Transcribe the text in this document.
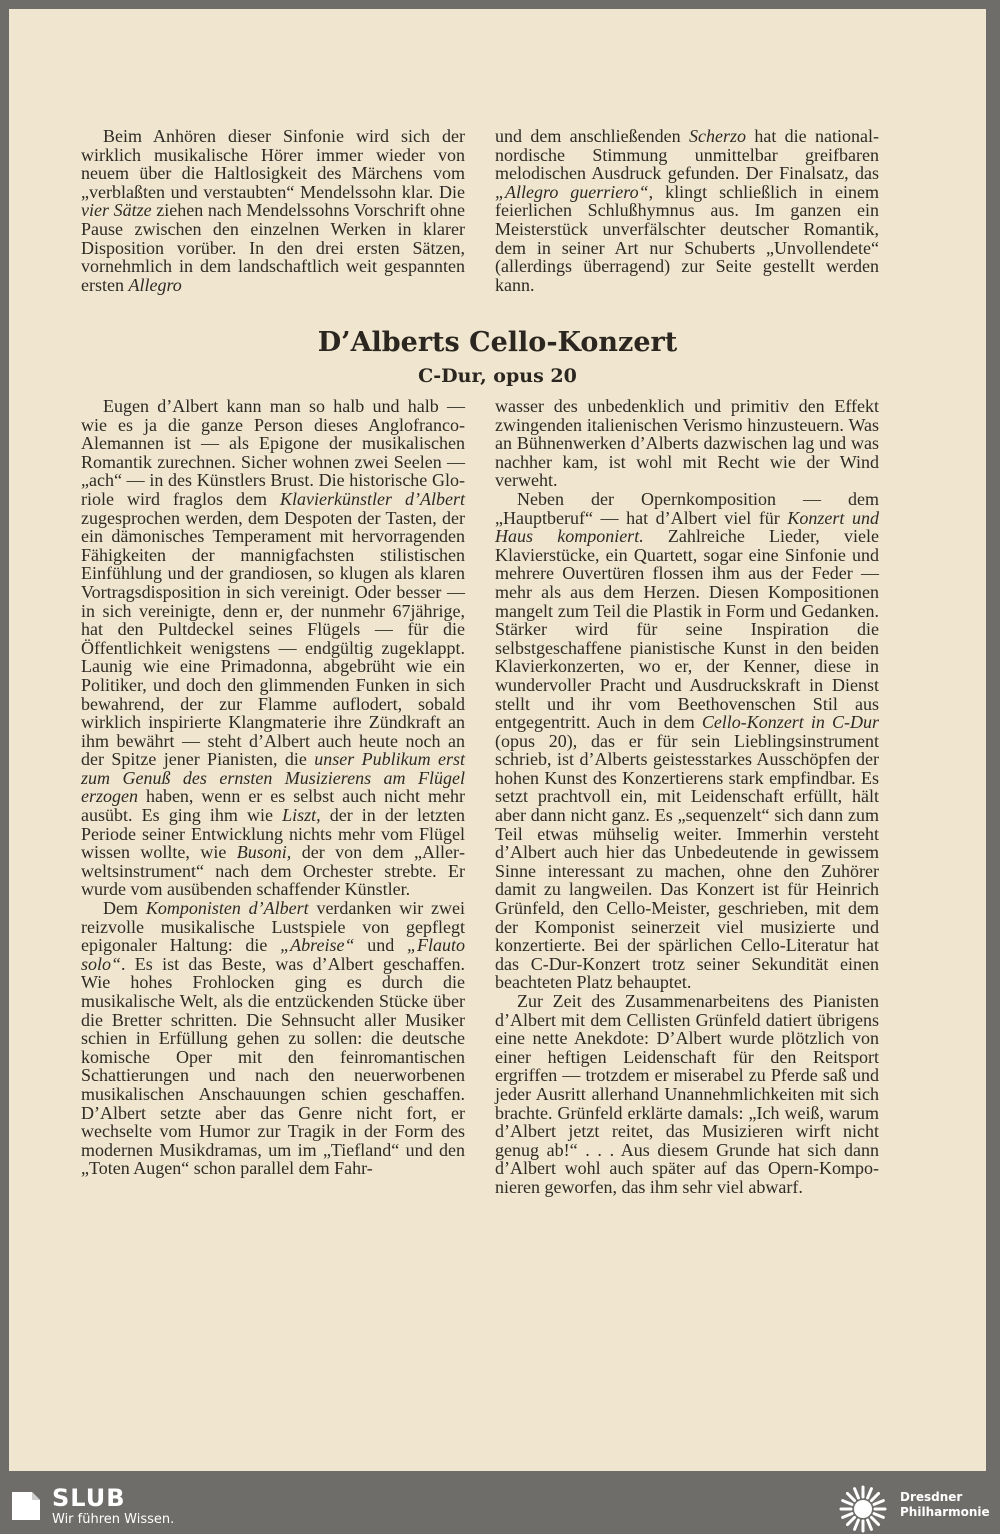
Beim Anhören dieser Sinfonie wird sich der wirklich musikalische Hörer immer wieder von neuem über die Haltlosigkeit des Märchens vom „verblaßten und verstaubten“ Mendelssohn klar. Die vier Sätze ziehen nach Mendelssohns Vorschrift ohne Pause zwischen den einzelnen Werken in klarer Disposition vorüber. In den drei ersten Sätzen, vornehmlich in dem landschaftlich weit gespannten ersten Allegro

und dem anschließenden Scherzo hat die national-nordische Stimmung unmittelbar greifbaren melodischen Ausdruck gefunden. Der Finalsatz, das „Allegro guerriero“, klingt schließlich in einem feierlichen Schlußhymnus aus. Im ganzen ein Meisterstück unverfälschter deutscher Romantik, dem in seiner Art nur Schuberts „Unvollendete“ (allerdings überragend) zur Seite gestellt werden kann.

D’Alberts Cello-Konzert
C-Dur, opus 20

Eugen d’Albert kann man so halb und halb — wie es ja die ganze Person dieses Anglofranco-Alemannen ist — als Epigone der musikalischen Romantik zurechnen. Sicher wohnen zwei Seelen — „ach“ — in des Künstlers Brust. Die historische Gloriole wird fraglos dem Klavierkünstler d’Albert zugesprochen werden, dem Despoten der Tasten, der ein dämonisches Temperament mit hervorragenden Fähigkeiten der mannigfachsten stilistischen Einfühlung und der grandiosen, so klugen als klaren Vortragsdisposition in sich vereinigt. Oder besser — in sich vereinigte, denn er, der nunmehr 67jährige, hat den Pultdeckel seines Flügels — für die Öffentlichkeit wenigstens — endgültig zugeklappt. Launig wie eine Primadonna, abgebrüht wie ein Politiker, und doch den glimmenden Funken in sich bewahrend, der zur Flamme auflodert, sobald wirklich inspirierte Klangmaterie ihre Zündkraft an ihm bewährt — steht d’Albert auch heute noch an der Spitze jener Pianisten, die unser Publikum erst zum Genuß des ernsten Musizierens am Flügel erzogen haben, wenn er es selbst auch nicht mehr ausübt. Es ging ihm wie Liszt, der in der letzten Periode seiner Entwicklung nichts mehr vom Flügel wissen wollte, wie Busoni, der von dem „Allerweltsinstrument“ nach dem Orchester strebte. Er wurde vom ausübenden schaffender Künstler.

Dem Komponisten d’Albert verdanken wir zwei reizvolle musikalische Lustspiele von gepflegt epigonaler Haltung: die „Abreise“ und „Flauto solo“. Es ist das Beste, was d’Albert geschaffen. Wie hohes Frohlocken ging es durch die musikalische Welt, als die entzückenden Stücke über die Bretter schritten. Die Sehnsucht aller Musiker schien in Erfüllung gehen zu sollen: die deutsche komische Oper mit den feinromantischen Schattierungen und nach den neuerworbenen musikalischen Anschauungen schien geschaffen. D’Albert setzte aber das Genre nicht fort, er wechselte vom Humor zur Tragik in der Form des modernen Musikdramas, um im „Tiefland“ und den „Toten Augen“ schon parallel dem Fahr-

wasser des unbedenklich und primitiv den Effekt zwingenden italienischen Verismo hinzusteuern. Was an Bühnenwerken d’Alberts dazwischen lag und was nachher kam, ist wohl mit Recht wie der Wind verweht.

Neben der Opernkomposition — dem „Hauptberuf“ — hat d’Albert viel für Konzert und Haus komponiert. Zahlreiche Lieder, viele Klavierstücke, ein Quartett, sogar eine Sinfonie und mehrere Ouvertüren flossen ihm aus der Feder — mehr als aus dem Herzen. Diesen Kompositionen mangelt zum Teil die Plastik in Form und Gedanken. Stärker wird für seine Inspiration die selbstgeschaffene pianistische Kunst in den beiden Klavierkonzerten, wo er, der Kenner, diese in wundervoller Pracht und Ausdruckskraft in Dienst stellt und ihr vom Beethovenschen Stil aus entgegentritt. Auch in dem Cello-Konzert in C-Dur (opus 20), das er für sein Lieblingsinstrument schrieb, ist d’Alberts geistesstarkes Ausschöpfen der hohen Kunst des Konzertierens stark empfindbar. Es setzt prachtvoll ein, mit Leidenschaft erfüllt, hält aber dann nicht ganz. Es „sequenzelt“ sich dann zum Teil etwas mühselig weiter. Immerhin versteht d’Albert auch hier das Unbedeutende in gewissem Sinne interessant zu machen, ohne den Zuhörer damit zu langweilen. Das Konzert ist für Heinrich Grünfeld, den Cello-Meister, geschrieben, mit dem der Komponist seinerzeit viel musizierte und konzertierte. Bei der spärlichen Cello-Literatur hat das C-Dur-Konzert trotz seiner Sekundität einen beachteten Platz behauptet.

Zur Zeit des Zusammenarbeitens des Pianisten d’Albert mit dem Cellisten Grünfeld datiert übrigens eine nette Anekdote: D’Albert wurde plötzlich von einer heftigen Leidenschaft für den Reitsport ergriffen — trotzdem er miserabel zu Pferde saß und jeder Ausritt allerhand Unannehmlichkeiten mit sich brachte. Grünfeld erklärte damals: „Ich weiß, warum d’Albert jetzt reitet, das Musizieren wirft nicht genug ab!“ . . . Aus diesem Grunde hat sich dann d’Albert wohl auch später auf das Opern-Komponieren geworfen, das ihm sehr viel abwarf.

SLUB
Wir führen Wissen.
Dresdner
Philharmonie
